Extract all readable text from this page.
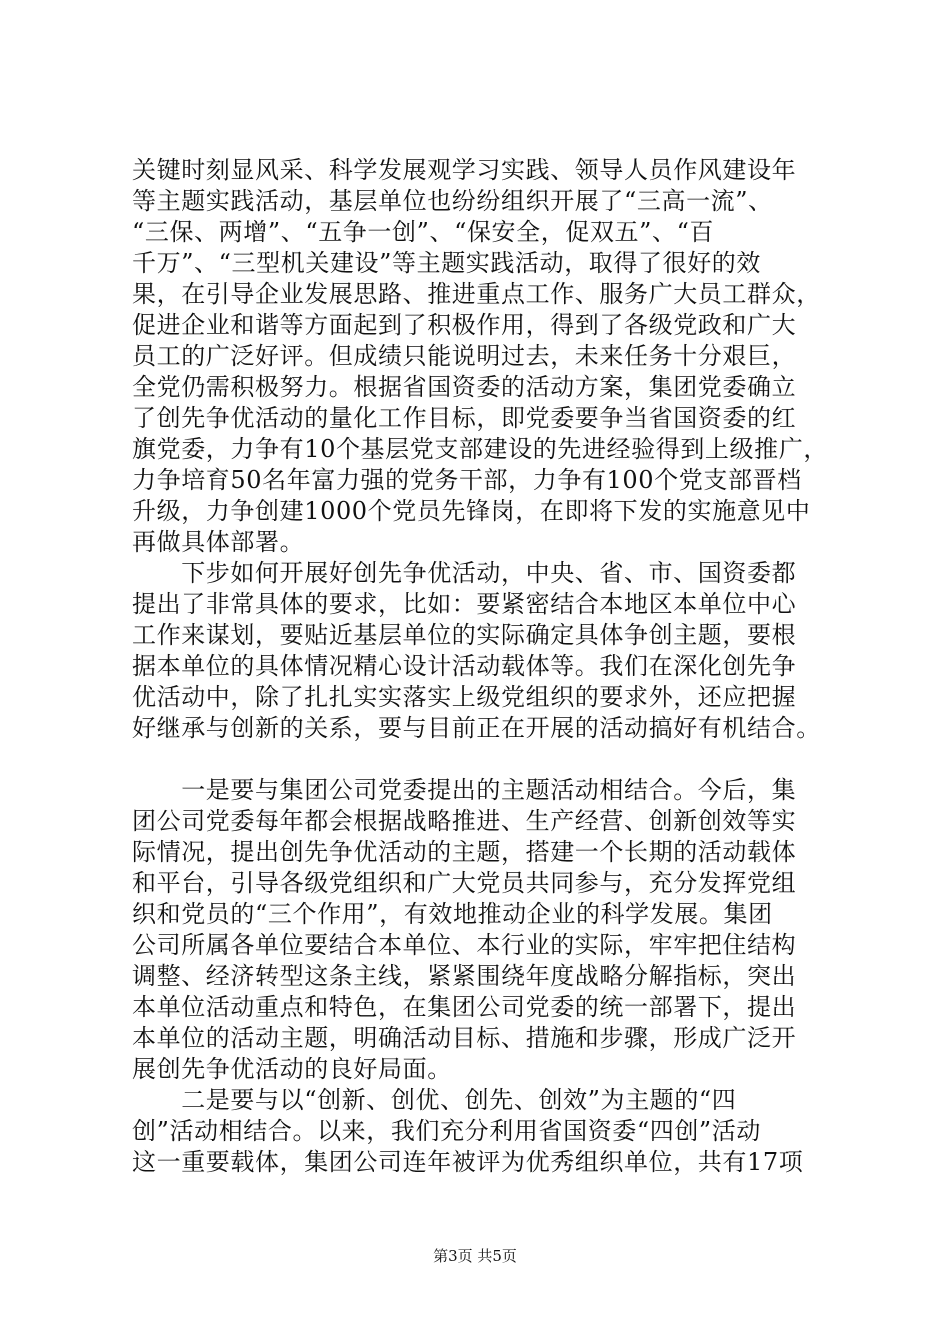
关键时刻显风采、科学发展观学习实践、领导人员作风建设年
等主题实践活动，基层单位也纷纷组织开展了“三高一流”、
“三保、两增”、“五争一创”、“保安全，促双五”、“百
千万”、“三型机关建设”等主题实践活动，取得了很好的效
果，在引导企业发展思路、推进重点工作、服务广大员工群众，
促进企业和谐等方面起到了积极作用，得到了各级党政和广大
员工的广泛好评。但成绩只能说明过去，未来任务十分艰巨，
全党仍需积极努力。根据省国资委的活动方案，集团党委确立
了创先争优活动的量化工作目标，即党委要争当省国资委的红
旗党委，力争有10个基层党支部建设的先进经验得到上级推广，
力争培育50名年富力强的党务干部，力争有100个党支部晋档
升级，力争创建1000个党员先锋岗，在即将下发的实施意见中
再做具体部署。
　　下步如何开展好创先争优活动，中央、省、市、国资委都
提出了非常具体的要求，比如：要紧密结合本地区本单位中心
工作来谋划，要贴近基层单位的实际确定具体争创主题，要根
据本单位的具体情况精心设计活动载体等。我们在深化创先争
优活动中，除了扎扎实实落实上级党组织的要求外，还应把握
好继承与创新的关系，要与目前正在开展的活动搞好有机结合。
　　一是要与集团公司党委提出的主题活动相结合。今后，集
团公司党委每年都会根据战略推进、生产经营、创新创效等实
际情况，提出创先争优活动的主题，搭建一个长期的活动载体
和平台，引导各级党组织和广大党员共同参与，充分发挥党组
织和党员的“三个作用”，有效地推动企业的科学发展。集团
公司所属各单位要结合本单位、本行业的实际，牢牢把住结构
调整、经济转型这条主线，紧紧围绕年度战略分解指标，突出
本单位活动重点和特色，在集团公司党委的统一部署下，提出
本单位的活动主题，明确活动目标、措施和步骤，形成广泛开
展创先争优活动的良好局面。
　　二是要与以“创新、创优、创先、创效”为主题的“四
创”活动相结合。以来，我们充分利用省国资委“四创”活动
这一重要载体，集团公司连年被评为优秀组织单位，共有17项
第3页 共5页
